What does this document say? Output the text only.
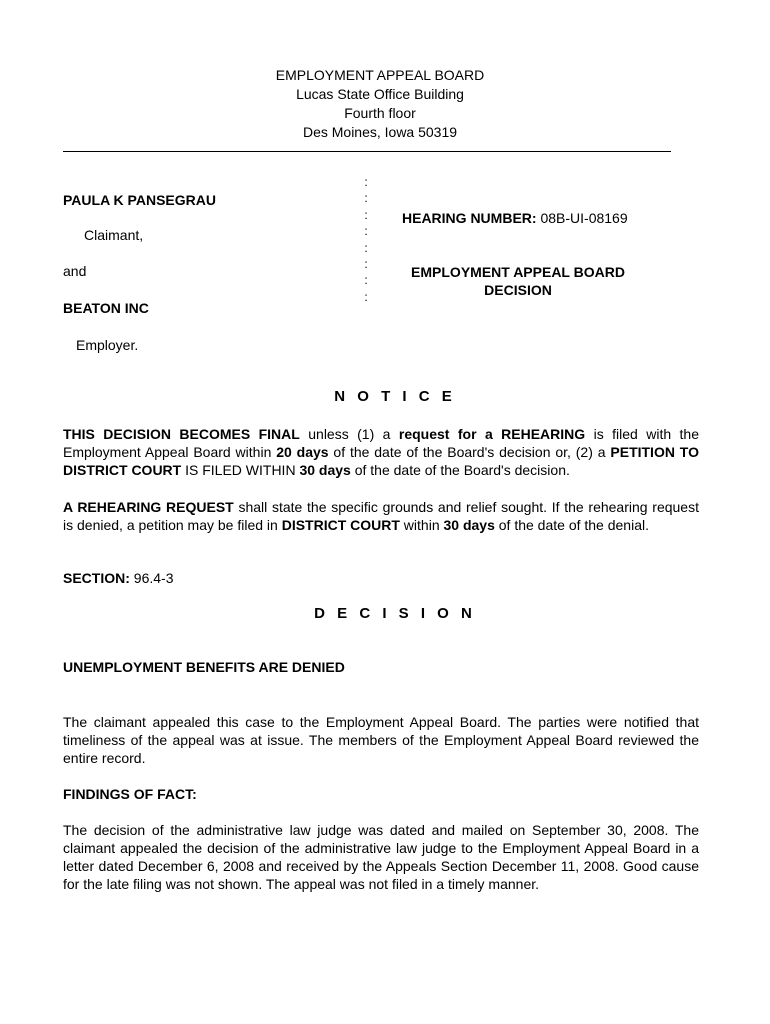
EMPLOYMENT APPEAL BOARD
Lucas State Office Building
Fourth floor
Des Moines, Iowa 50319
PAULA K PANSEGRAU
Claimant,
and
BEATON INC
Employer.
:
:
:
:
:
:
:
:
HEARING NUMBER: 08B-UI-08169
EMPLOYMENT APPEAL BOARD
DECISION
N O T I C E
THIS DECISION BECOMES FINAL unless (1) a request for a REHEARING is filed with the Employment Appeal Board within 20 days of the date of the Board's decision or, (2) a PETITION TO DISTRICT COURT IS FILED WITHIN 30 days of the date of the Board's decision.
A REHEARING REQUEST shall state the specific grounds and relief sought. If the rehearing request is denied, a petition may be filed in DISTRICT COURT within 30 days of the date of the denial.
SECTION: 96.4-3
D E C I S I O N
UNEMPLOYMENT BENEFITS ARE DENIED
The claimant appealed this case to the Employment Appeal Board. The parties were notified that timeliness of the appeal was at issue. The members of the Employment Appeal Board reviewed the entire record.
FINDINGS OF FACT:
The decision of the administrative law judge was dated and mailed on September 30, 2008. The claimant appealed the decision of the administrative law judge to the Employment Appeal Board in a letter dated December 6, 2008 and received by the Appeals Section December 11, 2008. Good cause for the late filing was not shown. The appeal was not filed in a timely manner.
